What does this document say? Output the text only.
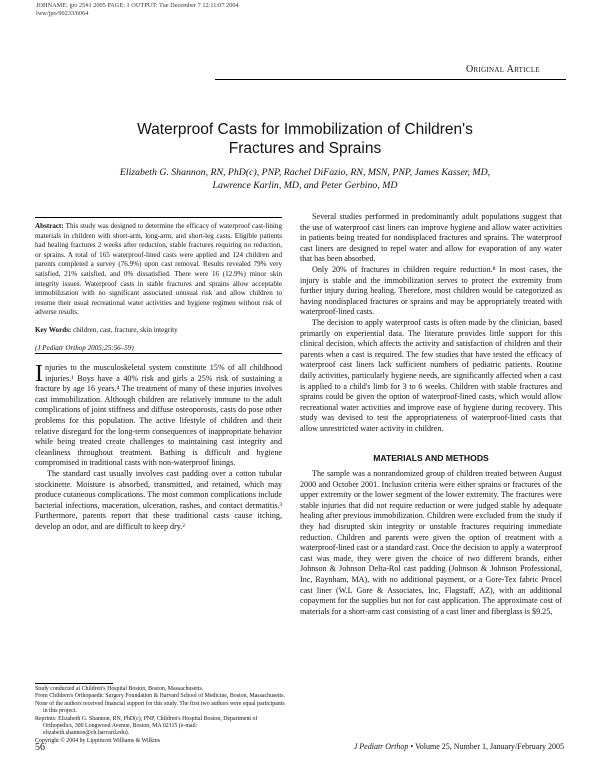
JOHNAME: jpo 25#1 2005 PAGE: 1 OUTPUT: Tue December 7 12:11:07 2004
lww/jpo/90233/6064
Original Article
Waterproof Casts for Immobilization of Children's
Fractures and Sprains
Elizabeth G. Shannon, RN, PhD(c), PNP, Rachel DiFazio, RN, MSN, PNP, James Kasser, MD,
Lawrence Karlin, MD, and Peter Gerbino, MD

Abstract: This study was designed to determine the efficacy of waterproof cast-lining materials in children with short-arm, long-arm, and short-leg casts. Eligible patients had healing fractures 2 weeks after reduction, stable fractures requiring no reduction, or sprains. A total of 165 waterproof-lined casts were applied and 124 children and parents completed a survey (76.9%) upon cast removal. Results revealed 79% very satisfied, 21% satisfied, and 0% dissatisfied. There were 16 (12.9%) minor skin integrity issues. Waterproof casts in stable fractures and sprains allow acceptable immobilization with no significant associated unusual risk and allow children to resume their usual recreational water activities and hygiene regimen without risk of adverse results.

Key Words: children, cast, fracture, skin integrity

(J Pediatr Orthop 2005;25:56–59)

Injuries to the musculoskeletal system constitute 15% of all childhood injuries.¹ Boys have a 40% risk and girls a 25% risk of sustaining a fracture by age 16 years.⁴ The treatment of many of these injuries involves cast immobilization. Although children are relatively immune to the adult complications of joint stiffness and diffuse osteoporosis, casts do pose other problems for this population. The active lifestyle of children and their relative disregard for the long-term consequences of inappropriate behavior while being treated create challenges to maintaining cast integrity and cleanliness throughout treatment. Bathing is difficult and hygiene compromised in traditional casts with non-waterproof linings.

The standard cast usually involves cast padding over a cotton tubular stockinette. Moisture is absorbed, transmitted, and retained, which may produce cutaneous complications. The most common complications include bacterial infections, maceration, ulceration, rashes, and contact dermatitis.³ Furthermore, parents report that these traditional casts cause itching, develop an odor, and are difficult to keep dry.²

Study conducted at Children's Hospital Boston, Boston, Massachusetts.
From Children's Orthopaedic Surgery Foundation & Harvard School of Medicine, Boston, Massachusetts.
None of the authors received financial support for this study. The first two authors were equal participants in this project.
Reprints: Elizabeth G. Shannon, RN, PhD(c), PNP, Children's Hospital Boston, Department of Orthopedics, 300 Longwood Avenue, Boston, MA 02115 (e-mail: elizabeth.shannon@ch.harvard.edu).
Copyright © 2004 by Lippincott Williams & Wilkins

Several studies performed in predominantly adult populations suggest that the use of waterproof cast liners can improve hygiene and allow water activities in patients being treated for nondisplaced fractures and sprains. The waterproof cast liners are designed to repel water and allow for evaporation of any water that has been absorbed.

Only 20% of fractures in children require reduction.⁸ In most cases, the injury is stable and the immobilization serves to protect the extremity from further injury during healing. Therefore, most children would be categorized as having nondisplaced fractures or sprains and may be appropriately treated with waterproof-lined casts.

The decision to apply waterproof casts is often made by the clinician, based primarily on experiential data. The literature provides little support for this clinical decision, which affects the activity and satisfaction of children and their parents when a cast is required. The few studies that have tested the efficacy of waterproof cast liners lack sufficient numbers of pediatric patients. Routine daily activities, particularly hygiene needs, are significantly affected when a cast is applied to a child's limb for 3 to 6 weeks. Children with stable fractures and sprains could be given the option of waterproof-lined casts, which would allow recreational water activities and improve ease of hygiene during recovery. This study was devised to test the appropriateness of waterproof-lined casts that allow unrestricted water activity in children.

MATERIALS AND METHODS

The sample was a nonrandomized group of children treated between August 2000 and October 2001. Inclusion criteria were either sprains or fractures of the upper extremity or the lower segment of the lower extremity. The fractures were stable injuries that did not require reduction or were judged stable by adequate healing after previous immobilization. Children were excluded from the study if they had disrupted skin integrity or unstable fractures requiring immediate reduction. Children and parents were given the option of treatment with a waterproof-lined cast or a standard cast. Once the decision to apply a waterproof cast was made, they were given the choice of two different brands, either Johnson & Johnson Delta-Rol cast padding (Johnson & Johnson Professional, Inc, Raynham, MA), with no additional payment, or a Gore-Tex fabric Procel cast liner (W.L Gore & Associates, Inc, Flagstaff, AZ), with an additional copayment for the supplies but not for cast application. The approximate cost of materials for a short-arm cast consisting of a cast liner and fiberglass is $9.25,

56	J Pediatr Orthop • Volume 25, Number 1, January/February 2005
